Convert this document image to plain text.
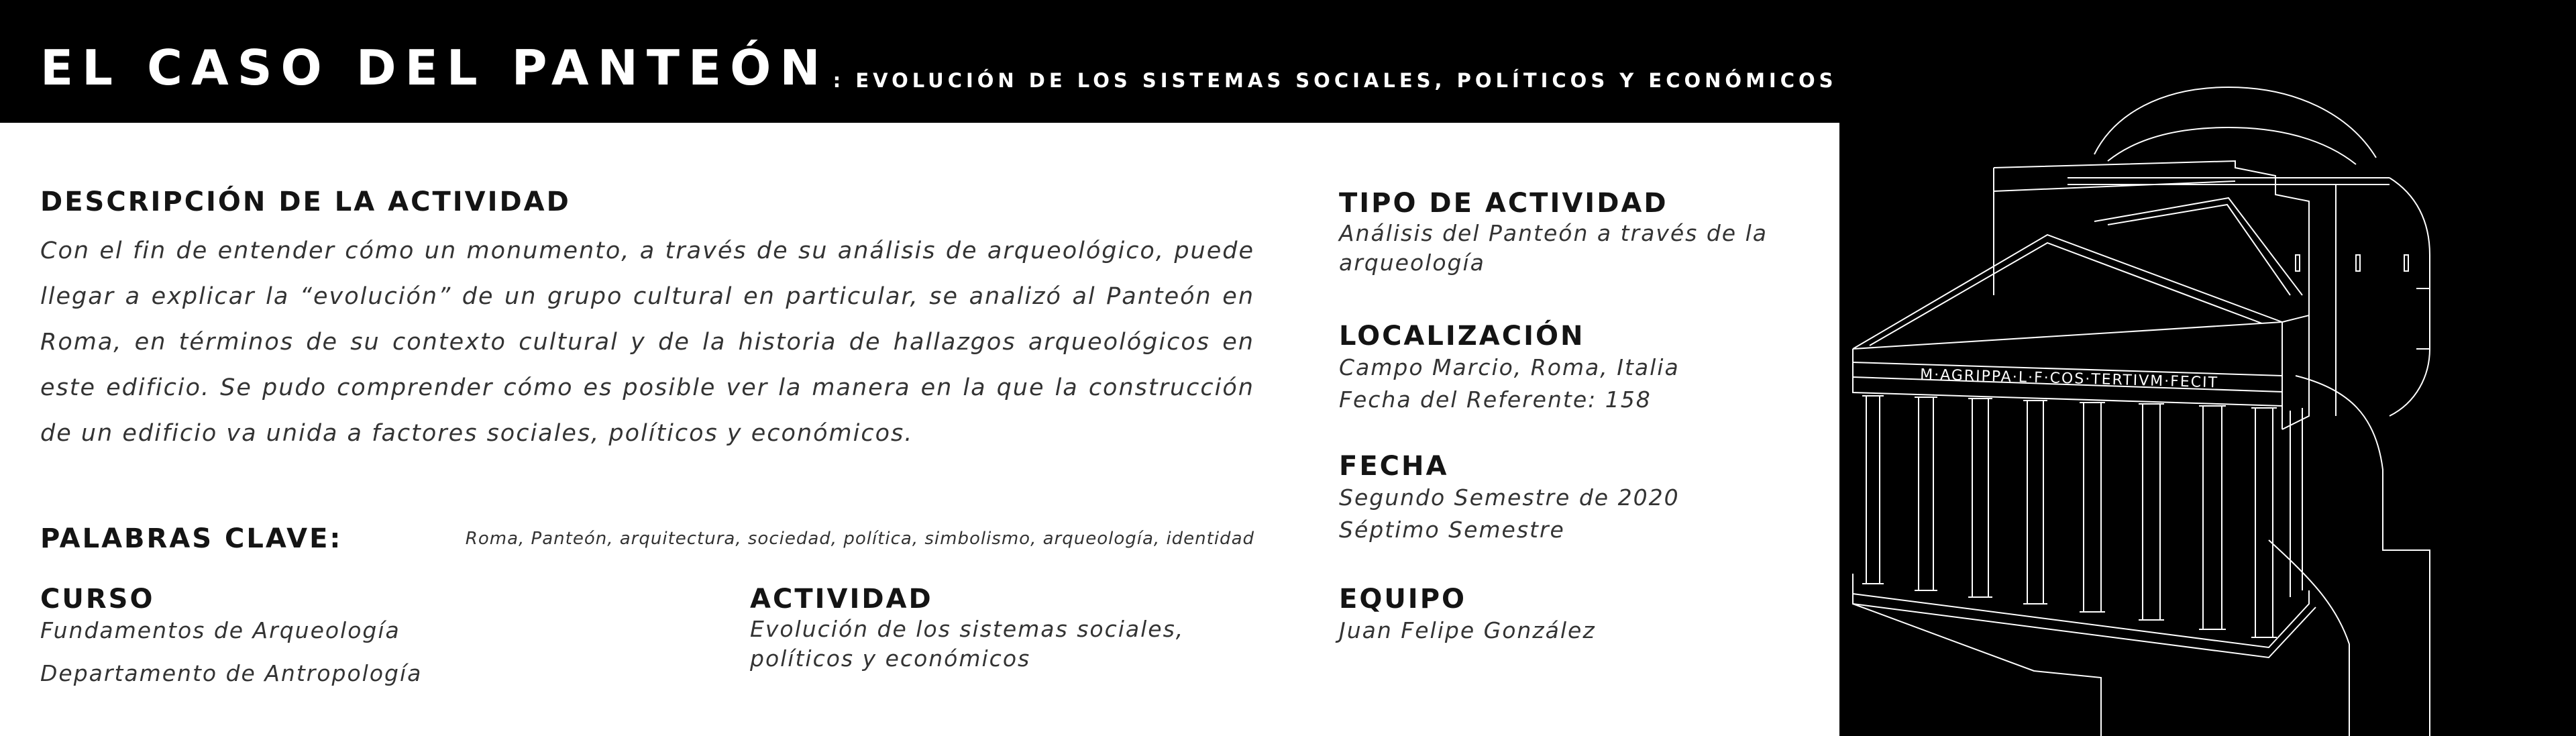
EL CASO DEL PANTEÓN : EVOLUCIÓN DE LOS SISTEMAS SOCIALES, POLÍTICOS Y ECONÓMICOS
DESCRIPCIÓN DE LA ACTIVIDAD
Con el fin de entender cómo un monumento, a través de su análisis de arqueológico, puede llegar a explicar la “evolución” de un grupo cultural en particular, se analizó al Panteón en Roma, en términos de su contexto cultural y de la historia de hallazgos arqueológicos en este edificio. Se pudo comprender cómo es posible ver la manera en la que la construcción de un edificio va unida a factores sociales, políticos y económicos.
PALABRAS CLAVE:	Roma, Panteón, arquitectura, sociedad, política, simbolismo, arqueología, identidad
CURSO
Fundamentos de Arqueología
Departamento de Antropología
ACTIVIDAD
Evolución de los sistemas sociales,
políticos y económicos
TIPO DE ACTIVIDAD
Análisis del Panteón a través de la
arqueología
LOCALIZACIÓN
Campo Marcio, Roma, Italia
Fecha del Referente: 158
FECHA
Segundo Semestre de 2020
Séptimo Semestre
EQUIPO
Juan Felipe González
M·AGRIPPA·L·F·COS·TERTIVM·FECIT
